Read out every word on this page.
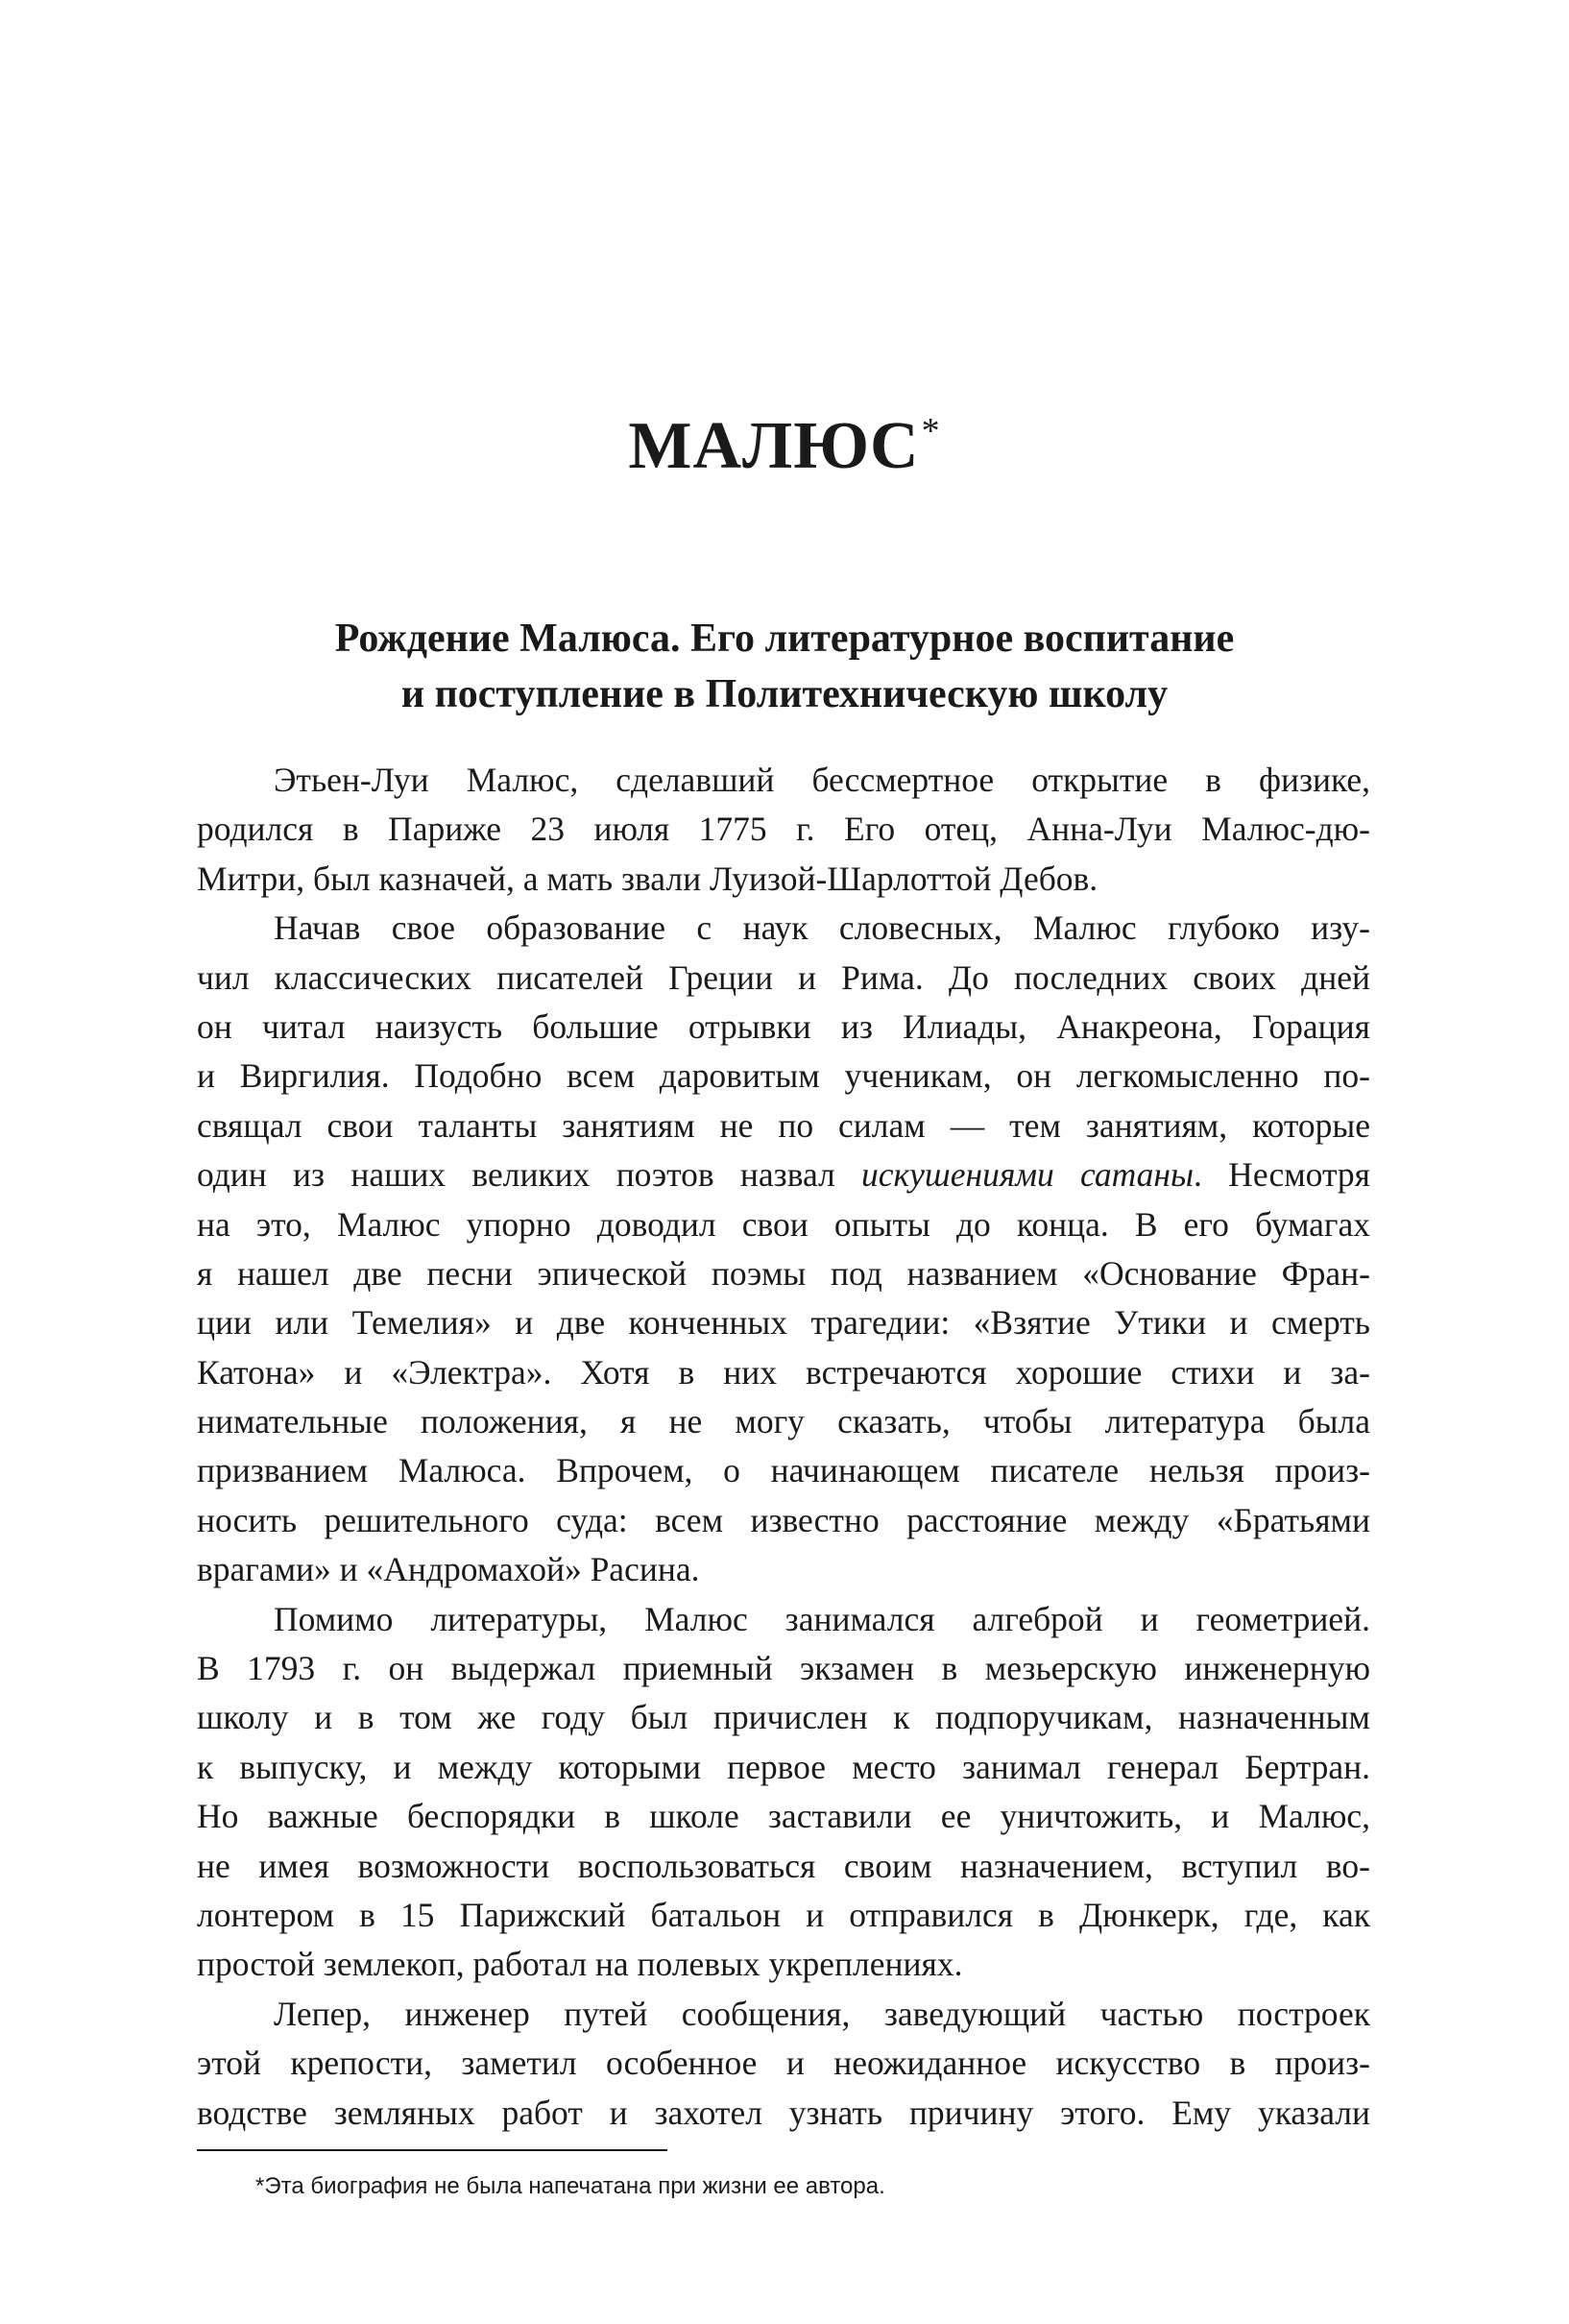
МАЛЮС*
Рождение Малюса. Его литературное воспитание
и поступление в Политехническую школу
Этьен-Луи Малюс, сделавший бессмертное открытие в физике,
родился в Париже 23 июля 1775 г. Его отец, Анна-Луи Малюс-дю-
Митри, был казначей, а мать звали Луизой-Шарлоттой Дебов.
Начав свое образование с наук словесных, Малюс глубоко изу-
чил классических писателей Греции и Рима. До последних своих дней
он читал наизусть большие отрывки из Илиады, Анакреона, Горация
и Виргилия. Подобно всем даровитым ученикам, он легкомысленно по-
свящал свои таланты занятиям не по силам — тем занятиям, которые
один из наших великих поэтов назвал искушениями сатаны. Несмотря
на это, Малюс упорно доводил свои опыты до конца. В его бумагах
я нашел две песни эпической поэмы под названием «Основание Фран-
ции или Темелия» и две конченных трагедии: «Взятие Утики и смерть
Катона» и «Электра». Хотя в них встречаются хорошие стихи и за-
нимательные положения, я не могу сказать, чтобы литература была
призванием Малюса. Впрочем, о начинающем писателе нельзя произ-
носить решительного суда: всем известно расстояние между «Братьями
врагами» и «Андромахой» Расина.
Помимо литературы, Малюс занимался алгеброй и геометрией.
В 1793 г. он выдержал приемный экзамен в мезьерскую инженерную
школу и в том же году был причислен к подпоручикам, назначенным
к выпуску, и между которыми первое место занимал генерал Бертран.
Но важные беспорядки в школе заставили ее уничтожить, и Малюс,
не имея возможности воспользоваться своим назначением, вступил во-
лонтером в 15 Парижский батальон и отправился в Дюнкерк, где, как
простой землекоп, работал на полевых укреплениях.
Лепер, инженер путей сообщения, заведующий частью построек
этой крепости, заметил особенное и неожиданное искусство в произ-
водстве земляных работ и захотел узнать причину этого. Ему указали
*Эта биография не была напечатана при жизни ее автора.
